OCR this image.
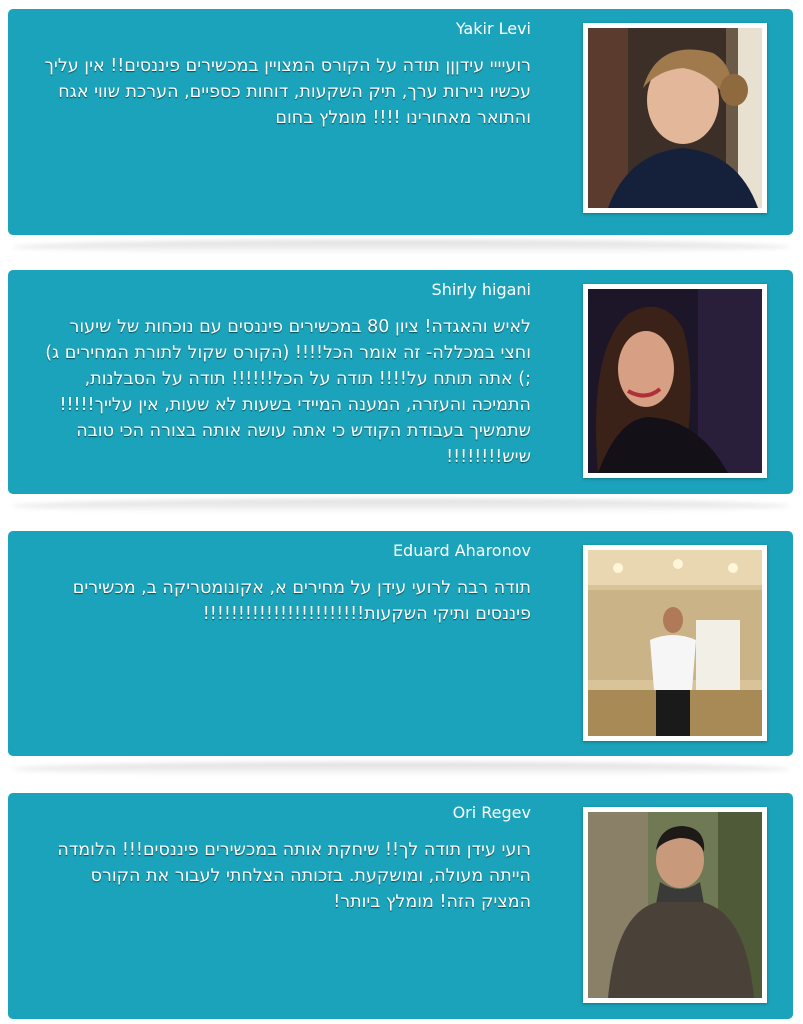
Yakir Levi
רועיייי עידןןן תודה על הקורס המצויין במכשירים פיננסים!! אין עליך עכשיו ניירות ערך, תיק השקעות, דוחות כספיים, הערכת שווי אגח והתואר מאחורינו !!!! מומלץ בחום
Shirly higani
לאיש והאגדה! ציון 80 במכשירים פיננסים עם נוכחות של שיעור וחצי במכללה- זה אומר הכל!!!! (הקורס שקול לתורת המחירים ג) ;) אתה תותח על!!!! תודה על הכל!!!!!! תודה על הסבלנות, התמיכה והעזרה, המענה המיידי בשעות לא שעות, אין עלייך!!!!! שתמשיך בעבודת הקודש כי אתה עושה אותה בצורה הכי טובה שיש!!!!!!!!
Eduard Aharonov
תודה רבה לרועי עידן על מחירים א, אקונומטריקה ב, מכשירים פיננסים ותיקי השקעות!!!!!!!!!!!!!!!!!!!!!!!
Ori Regev
רועי עידן תודה לך!! שיחקת אותה במכשירים פיננסים!!! הלומדה הייתה מעולה, ומושקעת. בזכותה הצלחתי לעבור את הקורס המציק הזה! מומלץ ביותר!
